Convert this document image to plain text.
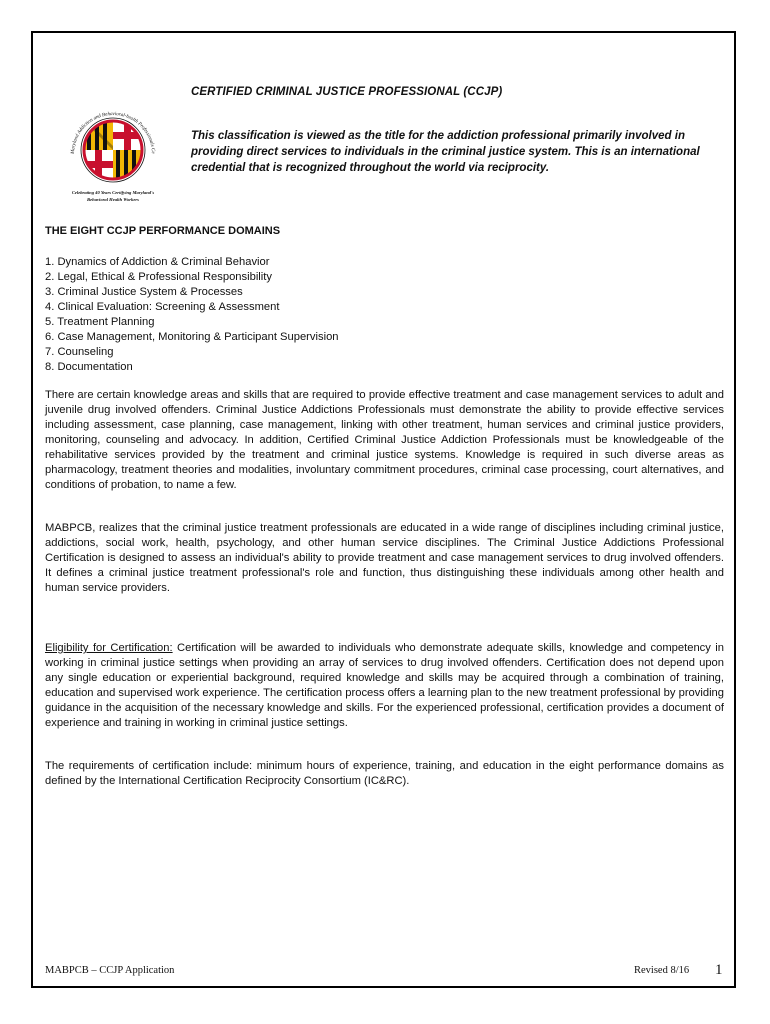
Maryland Addiction and Behavioral-health Professionals Ce
Celebrating 40 Years Certifying Maryland's
Behavioral Health Workers
CERTIFIED CRIMINAL JUSTICE PROFESSIONAL (CCJP)
This classification is viewed as the title for the addiction professional primarily involved in providing direct services to individuals in the criminal justice system. This is an international credential that is recognized throughout the world via reciprocity.
THE EIGHT CCJP PERFORMANCE DOMAINS
1. Dynamics of Addiction & Criminal Behavior
2. Legal, Ethical & Professional Responsibility
3. Criminal Justice System & Processes
4. Clinical Evaluation: Screening & Assessment
5. Treatment Planning
6. Case Management, Monitoring & Participant Supervision
7. Counseling
8. Documentation

There are certain knowledge areas and skills that are required to provide effective treatment and case management services to adult and juvenile drug involved offenders. Criminal Justice Addictions Professionals must demonstrate the ability to provide effective services including assessment, case planning, case management, linking with other treatment, human services and criminal justice providers, monitoring, counseling and advocacy. In addition, Certified Criminal Justice Addiction Professionals must be knowledgeable of the rehabilitative services provided by the treatment and criminal justice systems. Knowledge is required in such diverse areas as pharmacology, treatment theories and modalities, involuntary commitment procedures, criminal case processing, court alternatives, and conditions of probation, to name a few.

MABPCB, realizes that the criminal justice treatment professionals are educated in a wide range of disciplines including criminal justice, addictions, social work, health, psychology, and other human service disciplines. The Criminal Justice Addictions Professional Certification is designed to assess an individual's ability to provide treatment and case management services to drug involved offenders. It defines a criminal justice treatment professional's role and function, thus distinguishing these individuals among other health and human service providers.

Eligibility for Certification: Certification will be awarded to individuals who demonstrate adequate skills, knowledge and competency in working in criminal justice settings when providing an array of services to drug involved offenders. Certification does not depend upon any single education or experiential background, required knowledge and skills may be acquired through a combination of training, education and supervised work experience. The certification process offers a learning plan to the new treatment professional by providing guidance in the acquisition of the necessary knowledge and skills. For the experienced professional, certification provides a document of experience and training in working in criminal justice settings.

The requirements of certification include: minimum hours of experience, training, and education in the eight performance domains as defined by the International Certification Reciprocity Consortium (IC&RC).

MABPCB – CCJP Application	Revised 8/16 1
